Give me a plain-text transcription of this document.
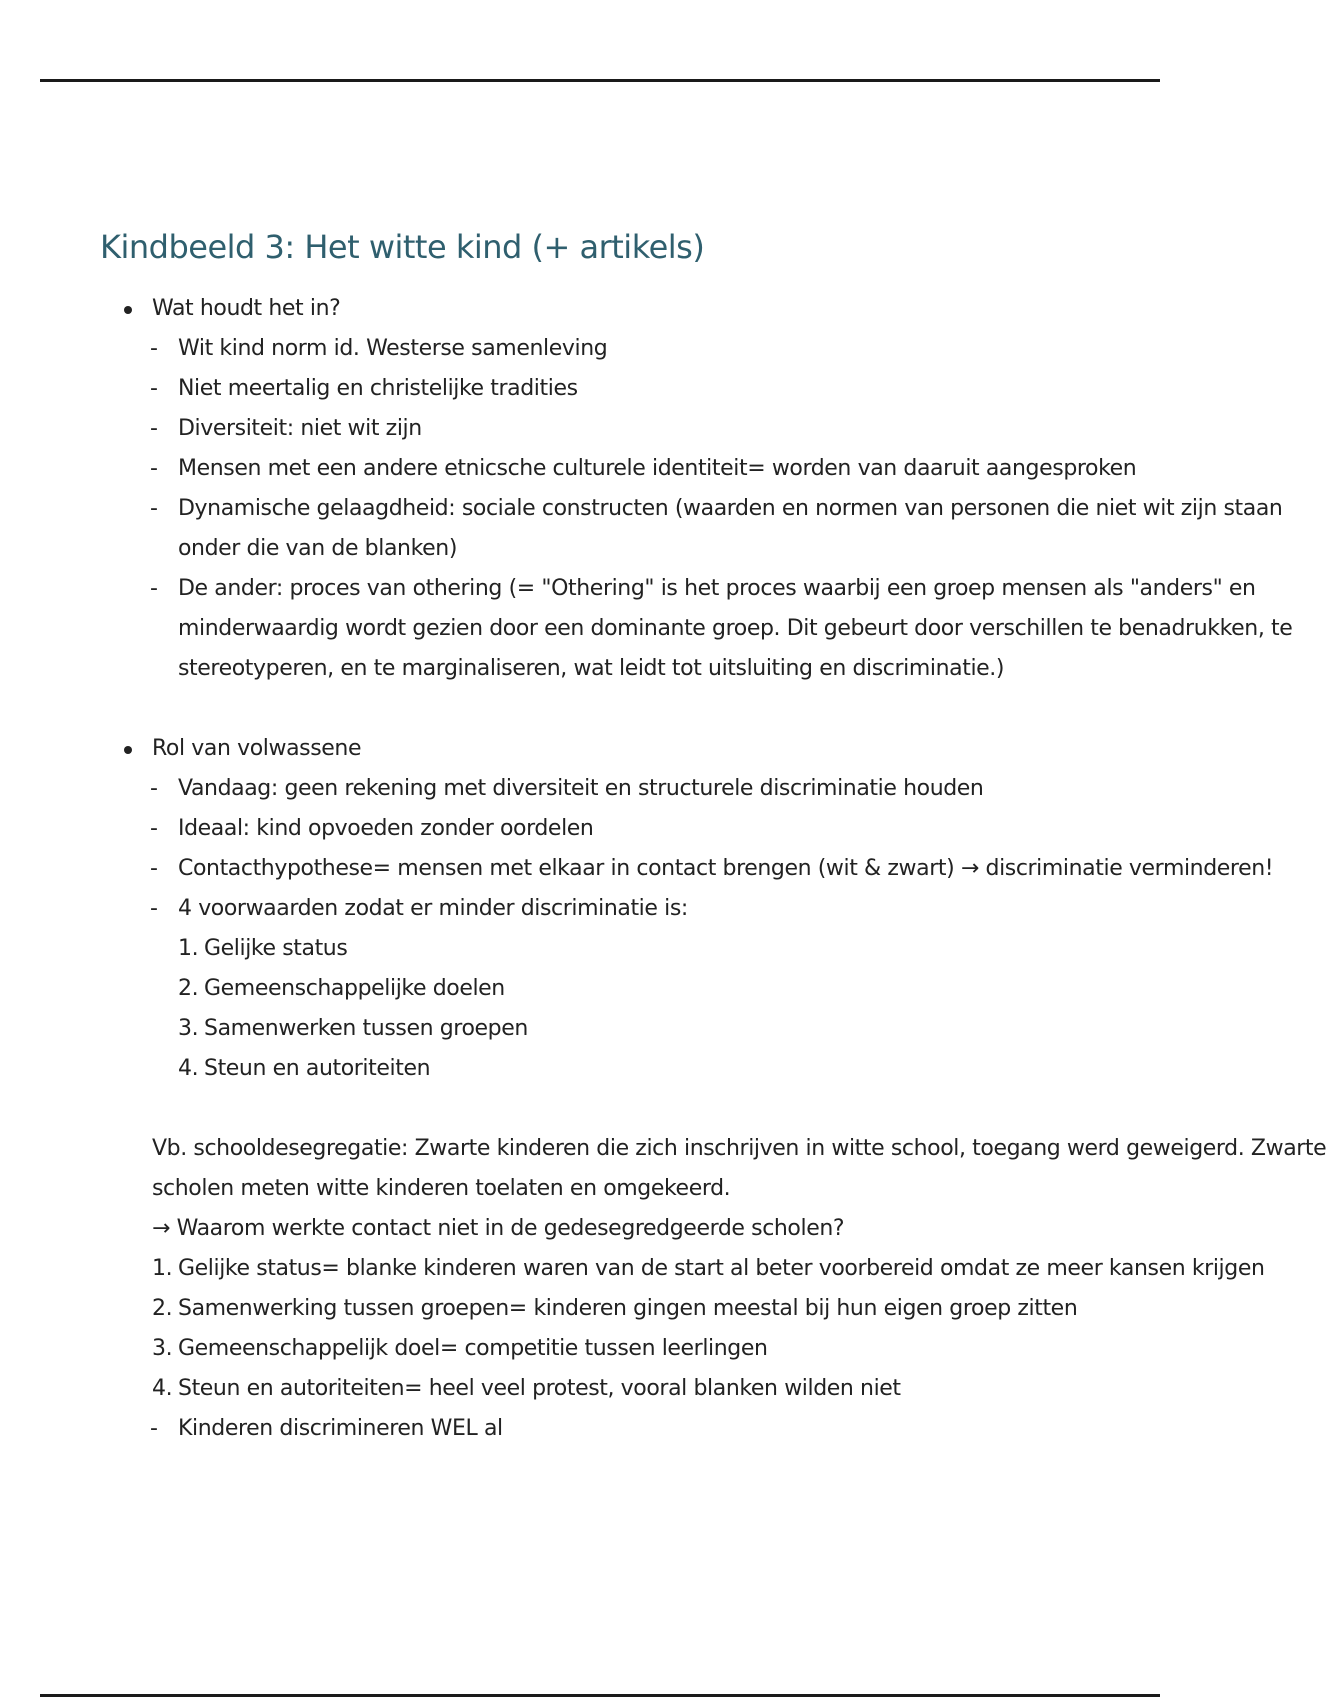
Kindbeeld 3: Het witte kind (+ artikels)
Wat houdt het in?
- Wit kind norm id. Westerse samenleving
- Niet meertalig en christelijke tradities
- Diversiteit: niet wit zijn
- Mensen met een andere etnicsche culturele identiteit= worden van daaruit aangesproken
- Dynamische gelaagdheid: sociale constructen (waarden en normen van personen die niet wit zijn staan
onder die van de blanken)
- De ander: proces van othering (= "Othering" is het proces waarbij een groep mensen als "anders" en
minderwaardig wordt gezien door een dominante groep. Dit gebeurt door verschillen te benadrukken, te
stereotyperen, en te marginaliseren, wat leidt tot uitsluiting en discriminatie.)
Rol van volwassene
- Vandaag: geen rekening met diversiteit en structurele discriminatie houden
- Ideaal: kind opvoeden zonder oordelen
- Contacthypothese= mensen met elkaar in contact brengen (wit & zwart) → discriminatie verminderen!
- 4 voorwaarden zodat er minder discriminatie is:
1. Gelijke status
2. Gemeenschappelijke doelen
3. Samenwerken tussen groepen
4. Steun en autoriteiten
Vb. schooldesegregatie: Zwarte kinderen die zich inschrijven in witte school, toegang werd geweigerd. Zwarte
scholen meten witte kinderen toelaten en omgekeerd.
→ Waarom werkte contact niet in de gedesegredgeerde scholen?
1. Gelijke status= blanke kinderen waren van de start al beter voorbereid omdat ze meer kansen krijgen
2. Samenwerking tussen groepen= kinderen gingen meestal bij hun eigen groep zitten
3. Gemeenschappelijk doel= competitie tussen leerlingen
4. Steun en autoriteiten= heel veel protest, vooral blanken wilden niet
- Kinderen discrimineren WEL al
